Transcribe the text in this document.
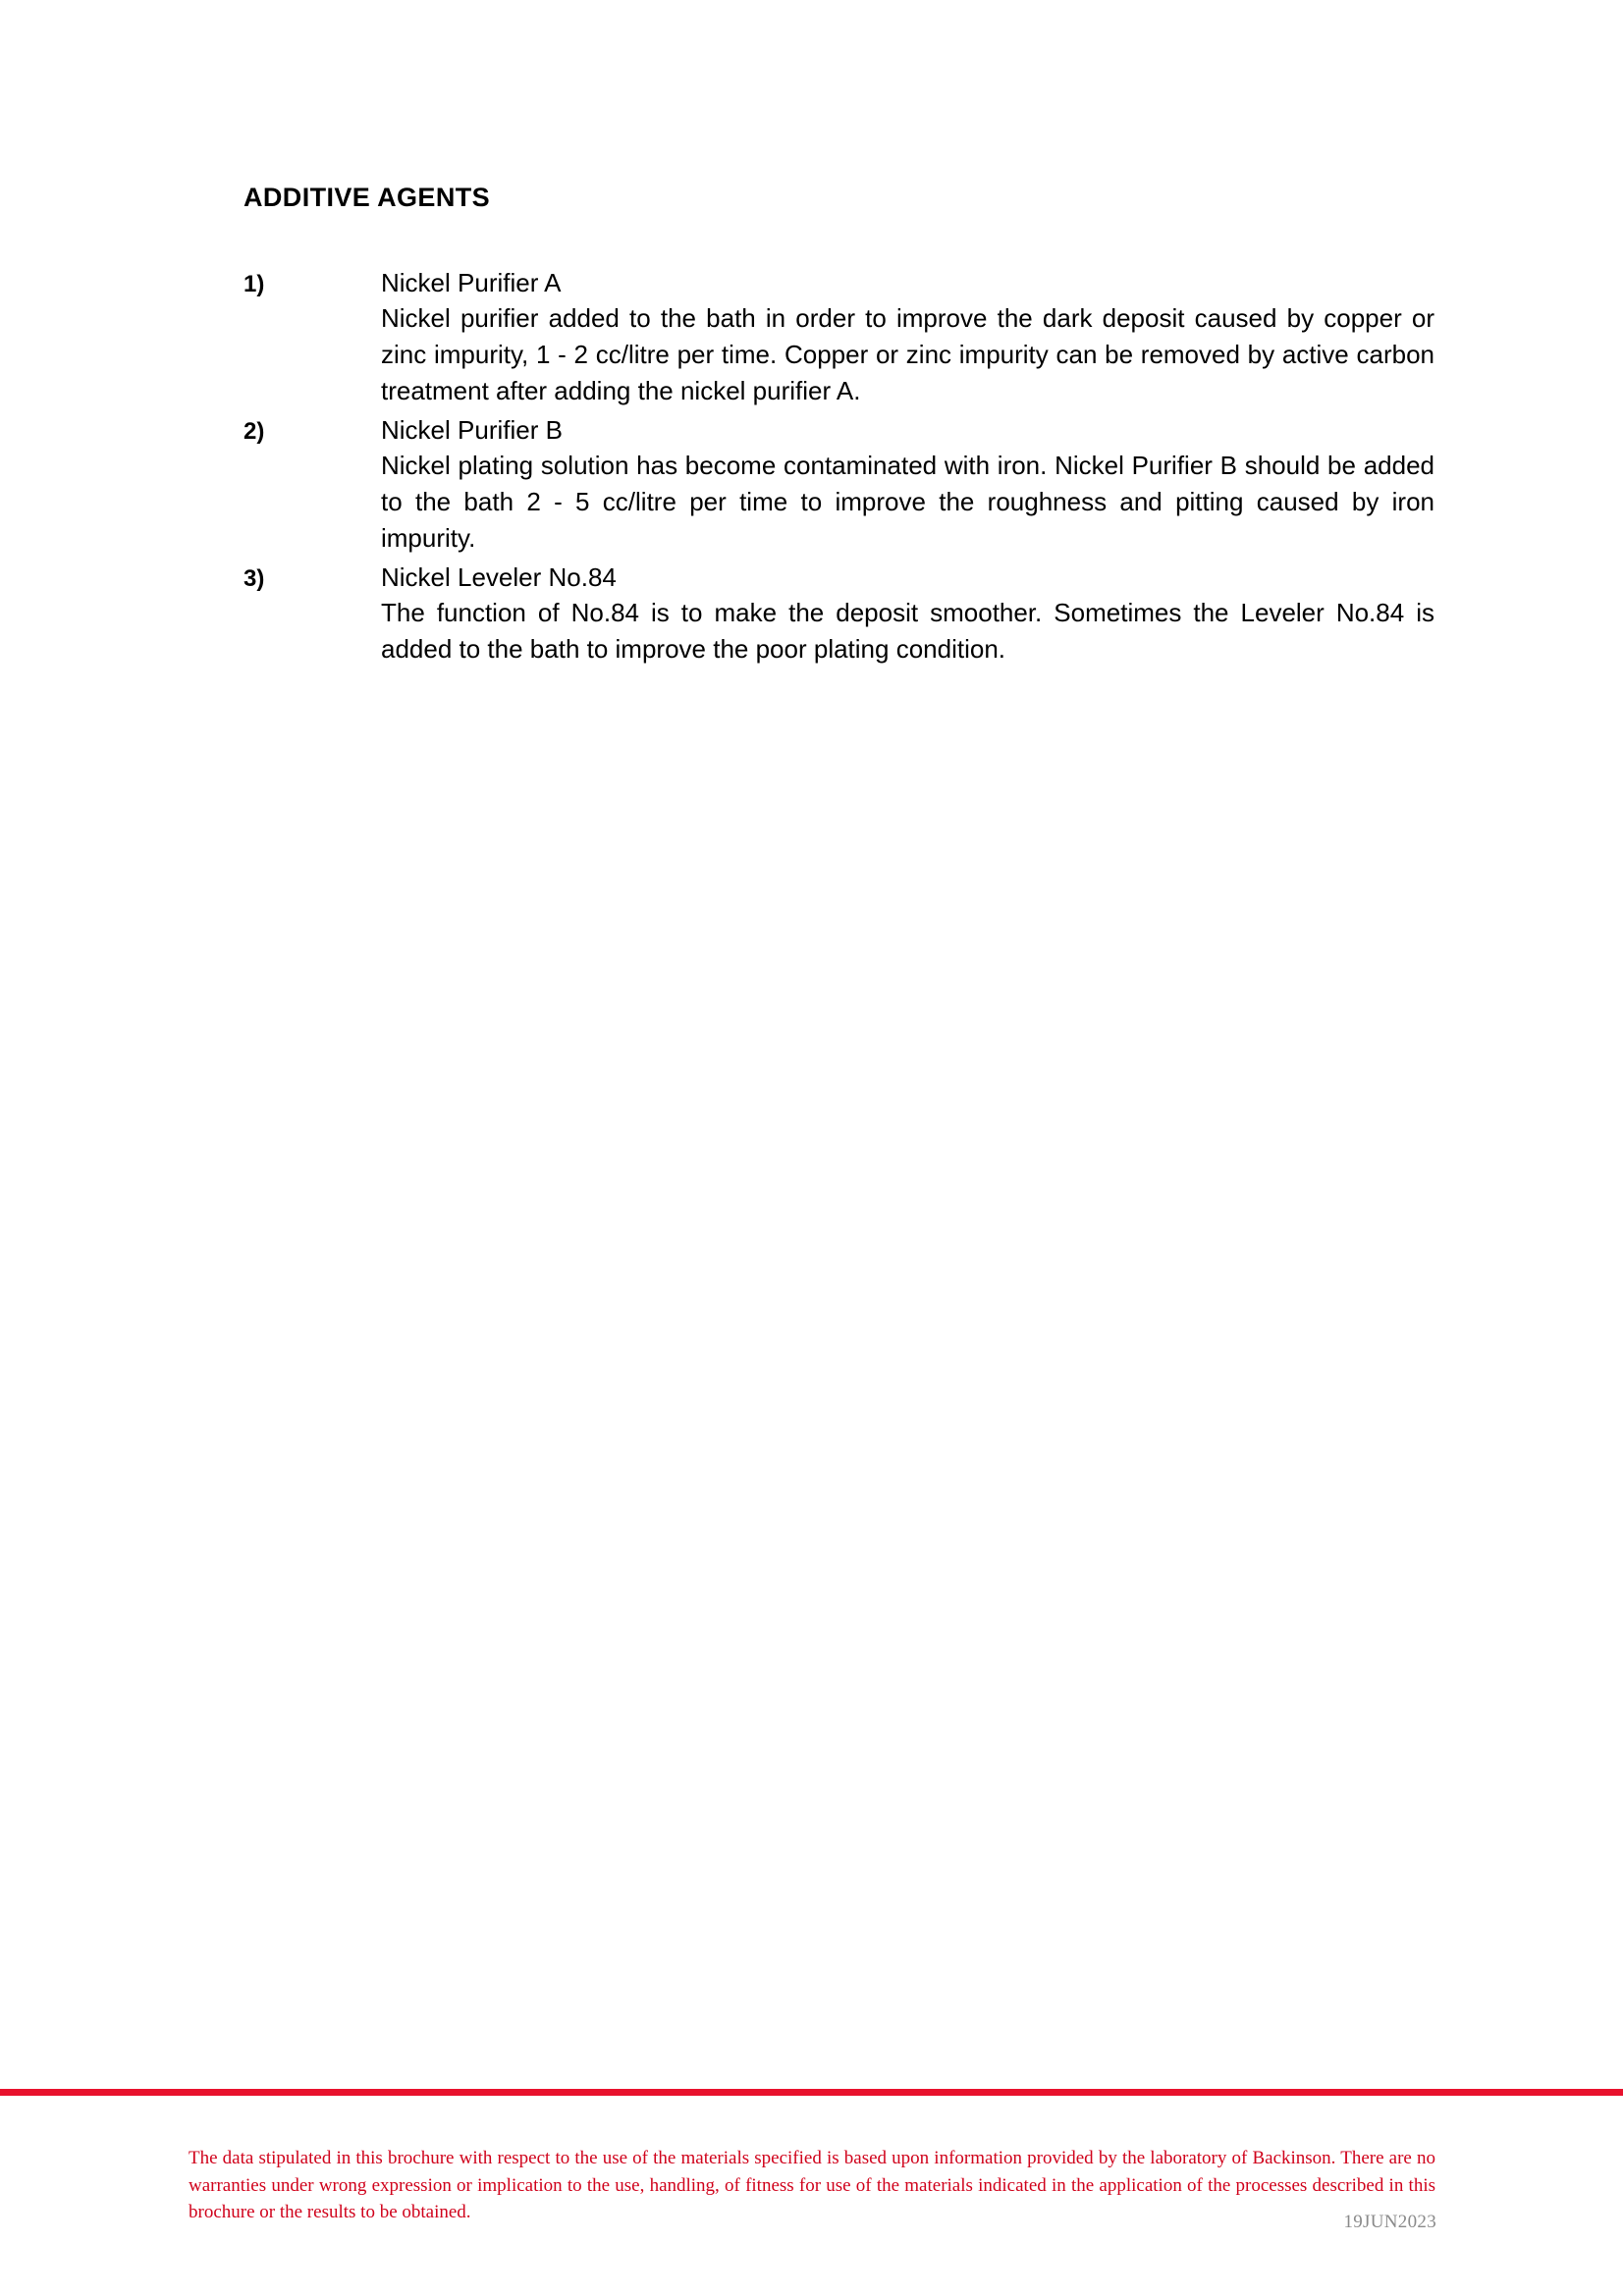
ADDITIVE AGENTS
1)	Nickel Purifier A
Nickel purifier added to the bath in order to improve the dark deposit caused by copper or zinc impurity, 1 - 2 cc/litre per time. Copper or zinc impurity can be removed by active carbon treatment after adding the nickel purifier A.
2)	Nickel Purifier B
Nickel plating solution has become contaminated with iron. Nickel Purifier B should be added to the bath 2 - 5 cc/litre per time to improve the roughness and pitting caused by iron impurity.
3)	Nickel Leveler No.84
The function of No.84 is to make the deposit smoother. Sometimes the Leveler No.84 is added to the bath to improve the poor plating condition.
The data stipulated in this brochure with respect to the use of the materials specified is based upon information provided by the laboratory of Backinson. There are no warranties under wrong expression or implication to the use, handling, of fitness for use of the materials indicated in the application of the processes described in this brochure or the results to be obtained.	19JUN2023
